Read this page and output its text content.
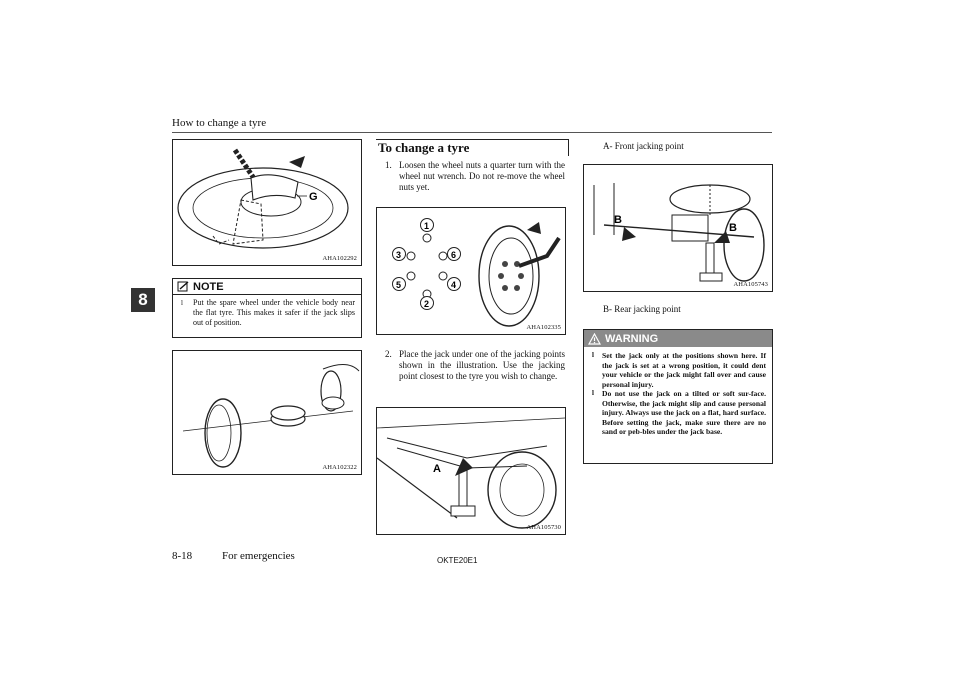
How to change a tyre
8
G
AHA102292
NOTE
l Put the spare wheel under the vehicle body near the flat tyre. This makes it safer if the jack slips out of position.
AHA102322
To change a tyre
1. Loosen the wheel nuts a quarter turn with the wheel nut wrench. Do not re-move the wheel nuts yet.
1
2
3
4
5
6
AHA102335
2. Place the jack under one of the jacking points shown in the illustration. Use the jacking point closest to the tyre you wish to change.
A
AHA105730
A- Front jacking point
B
B
AHA105743
B- Rear jacking point
WARNING
l Set the jack only at the positions shown here. If the jack is set at a wrong position, it could dent your vehicle or the jack might fall over and cause personal injury.
l Do not use the jack on a tilted or soft sur-face. Otherwise, the jack might slip and cause personal injury. Always use the jack on a flat, hard surface. Before setting the jack, make sure there are no sand or peb-bles under the jack base.
8-18	For emergencies	OKTE20E1
